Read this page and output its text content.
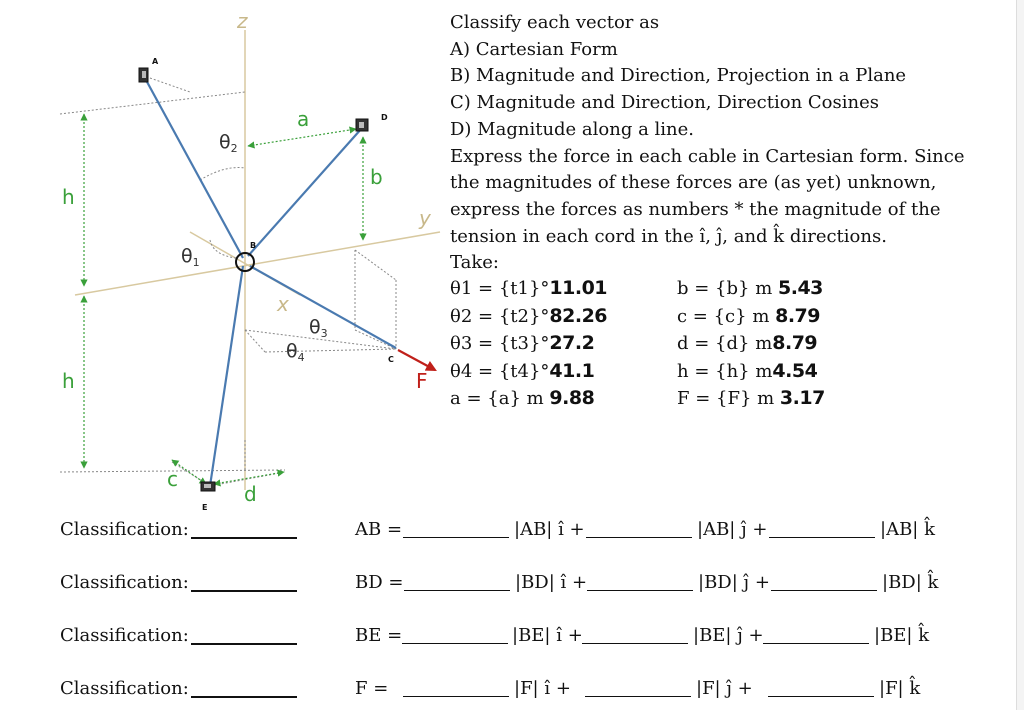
z
y
x
A
B
C
D
E
a
b
c
d
h
h
$\theta_1$
$\theta_2$
$\theta_3$
$\theta_4$
F
Classify each vector as
A) Cartesian Form
B) Magnitude and Direction, Projection in a Plane
C) Magnitude and Direction, Direction Cosines
D) Magnitude along a line.
Express the force in each cable in Cartesian form. Since
the magnitudes of these forces are (as yet) unknown,
express the forces as numbers * the magnitude of the
tension in each cord in the î, ĵ, and k̂ directions.
Take:
θ1 = {t1}°11.01	b = {b} m 5.43
θ2 = {t2}°82.26	c = {c} m 8.79
θ3 = {t3}°27.2	d = {d} m8.79
θ4 = {t4}°41.1	h = {h} m4.54
a = {a} m 9.88	F = {F} m 3.17
Classification:	AB =	|AB| î +	|AB| ĵ +	|AB| k̂
Classification:	BD =	|BD| î +	|BD| ĵ +	|BD| k̂
Classification:	BE =	|BE| î +	|BE| ĵ +	|BE| k̂
Classification:	F =	|F| î +	|F| ĵ +	|F| k̂
